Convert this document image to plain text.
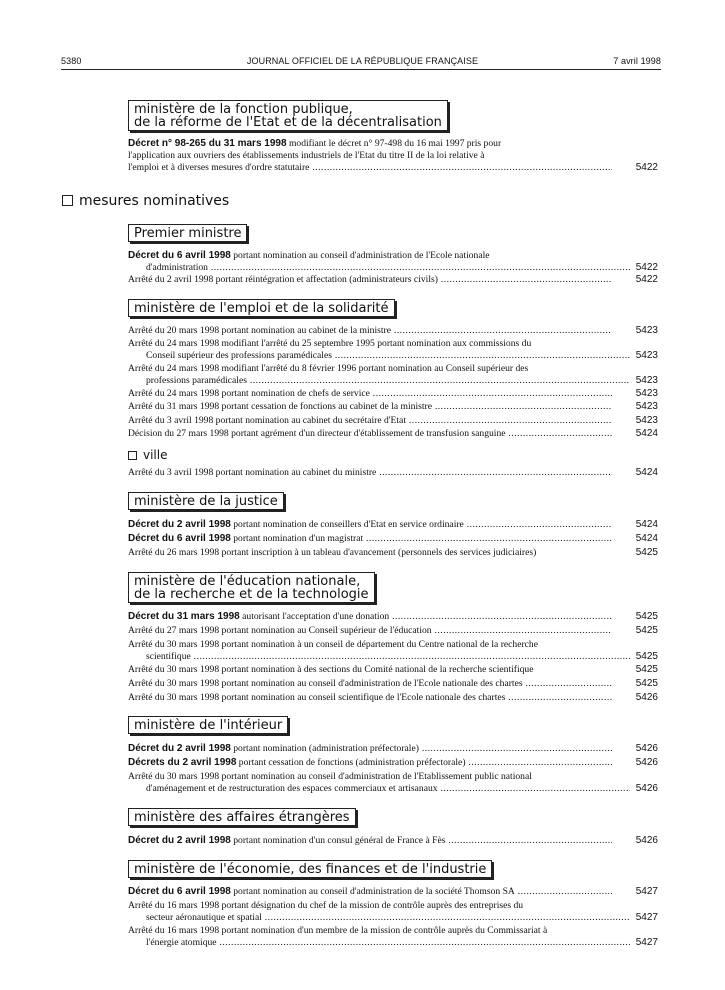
5380	JOURNAL OFFICIEL DE LA RÉPUBLIQUE FRANÇAISE	7 avril 1998
ministère de la fonction publique,
de la réforme de l'Etat et de la décentralisation
Décret n° 98-265 du 31 mars 1998 modifiant le décret n° 97-498 du 16 mai 1997 pris pour
l'application aux ouvriers des établissements industriels de l'Etat du titre II de la loi relative à
l'emploi et à diverses mesures d'ordre statutaire .....	5422
mesures nominatives
Premier ministre
Décret du 6 avril 1998 portant nomination au conseil d'administration de l'Ecole nationale
d'administration .....	5422
Arrêté du 2 avril 1998 portant réintégration et affectation (administrateurs civils) .....	5422
ministère de l'emploi et de la solidarité
Arrêté du 20 mars 1998 portant nomination au cabinet de la ministre .....	5423
Arrêté du 24 mars 1998 modifiant l'arrêté du 25 septembre 1995 portant nomination aux commissions du
Conseil supérieur des professions paramédicales .....	5423
Arrêté du 24 mars 1998 modifiant l'arrêté du 8 février 1996 portant nomination au Conseil supérieur des
professions paramédicales .....	5423
Arrêté du 24 mars 1998 portant nomination de chefs de service .....	5423
Arrêté du 31 mars 1998 portant cessation de fonctions au cabinet de la ministre .....	5423
Arrêté du 3 avril 1998 portant nomination au cabinet du secrétaire d'Etat .....	5423
Décision du 27 mars 1998 portant agrément d'un directeur d'établissement de transfusion sanguine .....	5424
ville
Arrêté du 3 avril 1998 portant nomination au cabinet du ministre .....	5424
ministère de la justice
Décret du 2 avril 1998 portant nomination de conseillers d'Etat en service ordinaire .....	5424
Décret du 6 avril 1998 portant nomination d'un magistrat .....	5424
Arrêté du 26 mars 1998 portant inscription à un tableau d'avancement (personnels des services judiciaires)	5425
ministère de l'éducation nationale,
de la recherche et de la technologie
Décret du 31 mars 1998 autorisant l'acceptation d'une donation .....	5425
Arrêté du 27 mars 1998 portant nomination au Conseil supérieur de l'éducation .....	5425
Arrêté du 30 mars 1998 portant nomination à un conseil de département du Centre national de la recherche
scientifique .....	5425
Arrêté du 30 mars 1998 portant nomination à des sections du Comité national de la recherche scientifique	5425
Arrêté du 30 mars 1998 portant nomination au conseil d'administration de l'Ecole nationale des chartes .....	5425
Arrêté du 30 mars 1998 portant nomination au conseil scientifique de l'Ecole nationale des chartes .....	5426
ministère de l'intérieur
Décret du 2 avril 1998 portant nomination (administration préfectorale) .....	5426
Décrets du 2 avril 1998 portant cessation de fonctions (administration préfectorale) .....	5426
Arrêté du 30 mars 1998 portant nomination au conseil d'administration de l'Etablissement public national
d'aménagement et de restructuration des espaces commerciaux et artisanaux .....	5426
ministère des affaires étrangères
Décret du 2 avril 1998 portant nomination d'un consul général de France à Fès .....	5426
ministère de l'économie, des finances et de l'industrie
Décret du 6 avril 1998 portant nomination au conseil d'administration de la société Thomson SA .....	5427
Arrêté du 16 mars 1998 portant désignation du chef de la mission de contrôle auprès des entreprises du
secteur aéronautique et spatial .....	5427
Arrêté du 16 mars 1998 portant nomination d'un membre de la mission de contrôle auprès du Commissariat à
l'énergie atomique .....	5427
